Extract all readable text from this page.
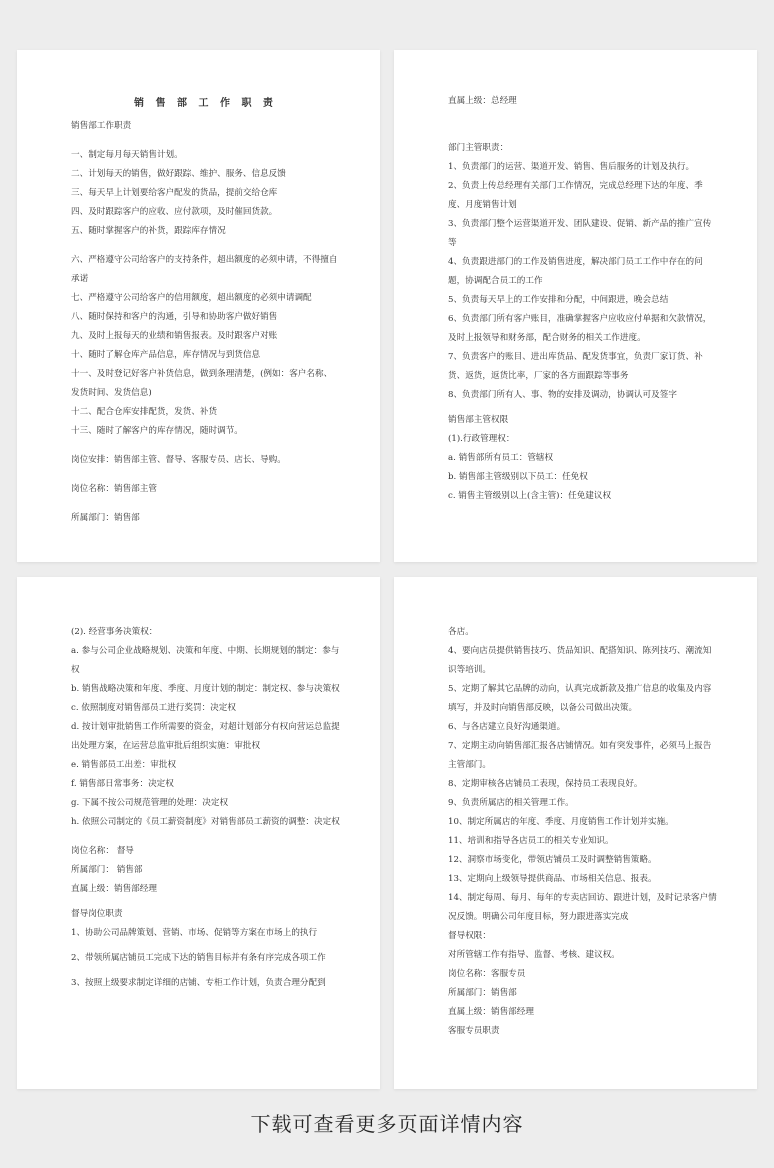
销 售 部 工 作 职 责
销售部工作职责
一、制定每月每天销售计划。
二、计划每天的销售，做好跟踪、维护、服务、信息反馈
三、每天早上计划要给客户配发的货品，提前交给仓库
四、及时跟踪客户的应收、应付款项，及时催回货款。
五、随时掌握客户的补货，跟踪库存情况
六、严格遵守公司给客户的支持条件，超出额度的必须申请，不得擅自承诺
七、严格遵守公司给客户的信用额度，超出额度的必须申请调配
八、随时保持和客户的沟通，引导和协助客户做好销售
九、及时上报每天的业绩和销售报表。及时跟客户对账
十、随时了解仓库产品信息，库存情况与到货信息
十一、及时登记好客户补货信息，做到条理清楚，(例如：客户名称、发货时间、发货信息)
十二、配合仓库安排配货，发货、补货
十三、随时了解客户的库存情况，随时调节。
岗位安排：销售部主管、督导、客服专员、店长、导购。
岗位名称：销售部主管
所属部门：销售部
直属上级：总经理
部门主管职责：
1、负责部门的运营、渠道开发、销售、售后服务的计划及执行。
2、负责上传总经理有关部门工作情况，完成总经理下达的年度、季度、月度销售计划
3、负责部门整个运营渠道开发、团队建设、促销、新产品的推广宣传等
4、负责跟进部门的工作及销售进度，解决部门员工工作中存在的问题，协调配合员工的工作
5、负责每天早上的工作安排和分配，中间跟进，晚会总结
6、负责部门所有客户账目，准确掌握客户应收应付单据和欠款情况，及时上报领导和财务部，配合财务的相关工作进度。
7、负责客户的账目、进出库货品、配发货事宜，负责厂家订货、补货、返货，返货比率，厂家的各方面跟踪等事务
8、负责部门所有人、事、物的安排及调动，协调认可及签字
销售部主管权限
(1).行政管理权：
a. 销售部所有员工：管辖权
b. 销售部主管级别以下员工：任免权
c. 销售主管级别以上(含主管)：任免建议权
(2). 经营事务决策权：
a. 参与公司企业战略规划、决策和年度、中期、长期规划的制定：参与权
b. 销售战略决策和年度、季度、月度计划的制定：制定权、参与决策权
c. 依照制度对销售部员工进行奖罚：决定权
d. 按计划审批销售工作所需要的资金，对超计划部分有权向营运总监提出处理方案，在运营总监审批后组织实施：审批权
e. 销售部员工出差：审批权
f. 销售部日常事务：决定权
g. 下属不按公司规范管理的处理：决定权
h. 依照公司制定的《员工薪资制度》对销售部员工薪资的调整：决定权
岗位名称： 督导
所属部门： 销售部
直属上级：销售部经理
督导岗位职责
1、协助公司品牌策划、营销、市场、促销等方案在市场上的执行
2、带领所属店铺员工完成下达的销售目标并有条有序完成各项工作
3、按照上级要求制定详细的店铺、专柜工作计划，负责合理分配到
各店。
4、要向店员提供销售技巧、货品知识、配搭知识、陈列技巧、潮流知识等培训。
5、定期了解其它品牌的动向，认真完成新款及推广信息的收集及内容填写，并及时向销售部反映，以备公司做出决策。
6、与各店建立良好沟通渠道。
7、定期主动向销售部汇报各店铺情况。如有突发事件，必须马上报告主管部门。
8、定期审核各店铺员工表现，保持员工表现良好。
9、负责所属店的相关管理工作。
10、制定所属店的年度、季度、月度销售工作计划并实施。
11、培训和指导各店员工的相关专业知识。
12、洞察市场变化，带领店铺员工及时调整销售策略。
13、定期向上级领导提供商品、市场相关信息、报表。
14、制定每周、每月、每年的专卖店回访、跟进计划，及时记录客户情况反馈。明确公司年度目标，努力跟进落实完成
督导权限：
对所管辖工作有指导、监督、考核、建议权。
岗位名称：客服专员
所属部门：销售部
直属上级：销售部经理
客服专员职责
下载可查看更多页面详情内容
